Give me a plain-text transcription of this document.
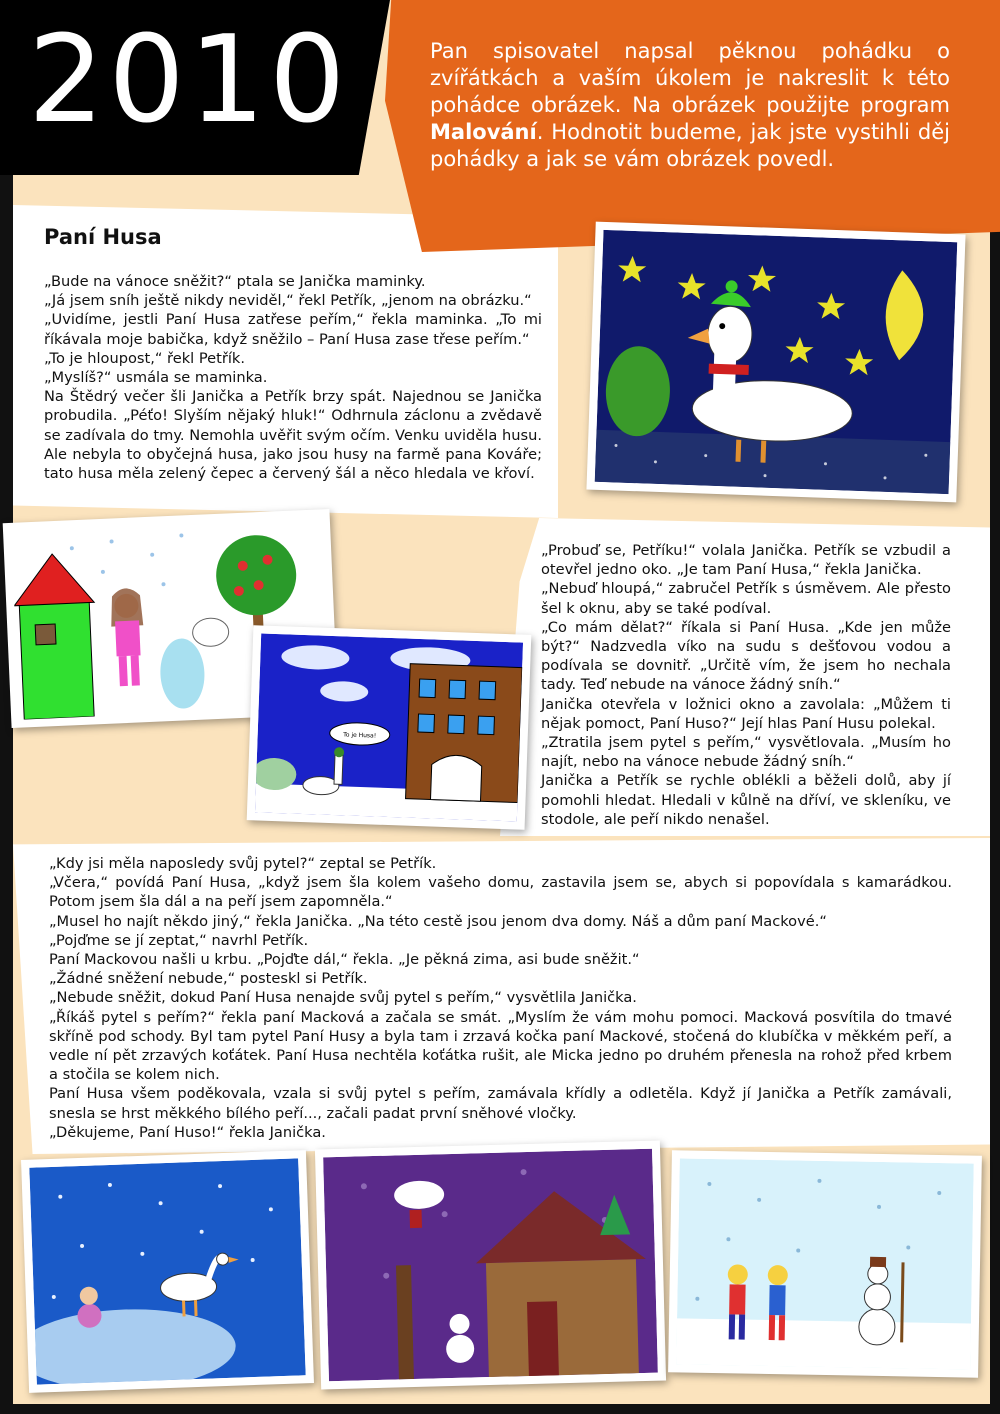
2010	Pan spisovatel napsal pěknou pohádku o zvířátkách a vaším úkolem je nakreslit k této pohádce obrázek. Na obrázek použijte program Malování. Hodnotit budeme, jak jste vystihli děj pohádky a jak se vám obrázek povedl.
Paní Husa

„Bude na vánoce sněžit?“ ptala se Janička maminky.

„Já jsem sníh ještě nikdy neviděl,“ řekl Petřík, „jenom na obrázku.“

„Uvidíme, jestli Paní Husa zatřese peřím,“ řekla maminka. „To mi říkávala moje babička, když sněžilo – Paní Husa zase třese peřím.“

„To je hloupost,“ řekl Petřík.

„Myslíš?“ usmála se maminka.

Na Štědrý večer šli Janička a Petřík brzy spát. Najednou se Janička probudila. „Péťo! Slyším nějaký hluk!“ Odhrnula záclonu a zvědavě se zadívala do tmy. Nemohla uvěřit svým očím. Venku uviděla husu. Ale nebyla to obyčejná husa, jako jsou husy na farmě pana Kováře; tato husa měla zelený čepec a červený šál a něco hledala ve křoví.

To je Husa!

„Probuď se, Petříku!“ volala Janička. Petřík se vzbudil a otevřel jedno oko. „Je tam Paní Husa,“ řekla Janička.

„Nebuď hloupá,“ zabručel Petřík s úsměvem. Ale přesto šel k oknu, aby se také podíval.

„Co mám dělat?“ říkala si Paní Husa. „Kde jen může být?“ Nadzvedla víko na sudu s dešťovou vodou a podívala se dovnitř. „Určitě vím, že jsem ho nechala tady. Teď nebude na vánoce žádný sníh.“

Janička otevřela v ložnici okno a zavolala: „Můžem ti nějak pomoct, Paní Huso?“ Její hlas Paní Husu polekal.

„Ztratila jsem pytel s peřím,“ vysvětlovala. „Musím ho najít, nebo na vánoce nebude žádný sníh.“

Janička a Petřík se rychle oblékli a běželi dolů, aby jí pomohli hledat. Hledali v kůlně na dříví, ve skleníku, ve stodole, ale peří nikdo nenašel.

„Kdy jsi měla naposledy svůj pytel?“ zeptal se Petřík.

„Včera,“ povídá Paní Husa, „když jsem šla kolem vašeho domu, zastavila jsem se, abych si popovídala s kamarádkou. Potom jsem šla dál a na peří jsem zapomněla.“

„Musel ho najít někdo jiný,“ řekla Janička. „Na této cestě jsou jenom dva domy. Náš a dům paní Mackové.“

„Pojďme se jí zeptat,“ navrhl Petřík.

Paní Mackovou našli u krbu. „Pojďte dál,“ řekla. „Je pěkná zima, asi bude sněžit.“

„Žádné sněžení nebude,“ posteskl si Petřík.

„Nebude sněžit, dokud Paní Husa nenajde svůj pytel s peřím,“ vysvětlila Janička.

„Říkáš pytel s peřím?“ řekla paní Macková a začala se smát. „Myslím že vám mohu pomoci. Macková posvítila do tmavé skříně pod schody. Byl tam pytel Paní Husy a byla tam i zrzavá kočka paní Mackové, stočená do klubíčka v měkkém peří, a vedle ní pět zrzavých koťátek. Paní Husa nechtěla koťátka rušit, ale Micka jedno po druhém přenesla na rohož před krbem a stočila se kolem nich.

Paní Husa všem poděkovala, vzala si svůj pytel s peřím, zamávala křídly a odletěla. Když jí Janička a Petřík zamávali, snesla se hrst měkkého bílého peří..., začali padat první sněhové vločky.

„Děkujeme, Paní Huso!“ řekla Janička.
